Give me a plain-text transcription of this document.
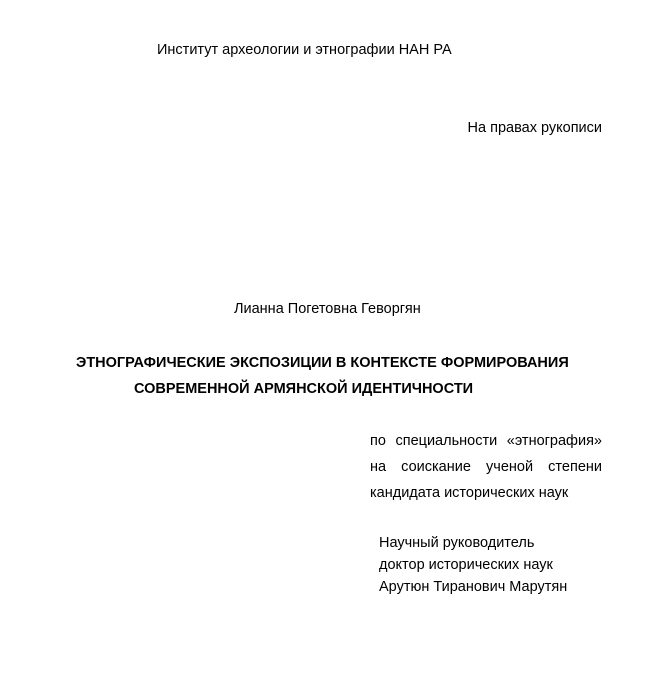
Институт археологии и этнографии НАН РА
На правах рукописи
Лианна Погетовна Геворгян
ЭТНОГРАФИЧЕСКИЕ ЭКСПОЗИЦИИ В КОНТЕКСТЕ ФОРМИРОВАНИЯ
СОВРЕМЕННОЙ АРМЯНСКОЙ ИДЕНТИЧНОСТИ
по специальности «этнография»
на соискание ученой степени
кандидата исторических наук
Научный руководитель
доктор исторических наук
Арутюн Тиранович Марутян
